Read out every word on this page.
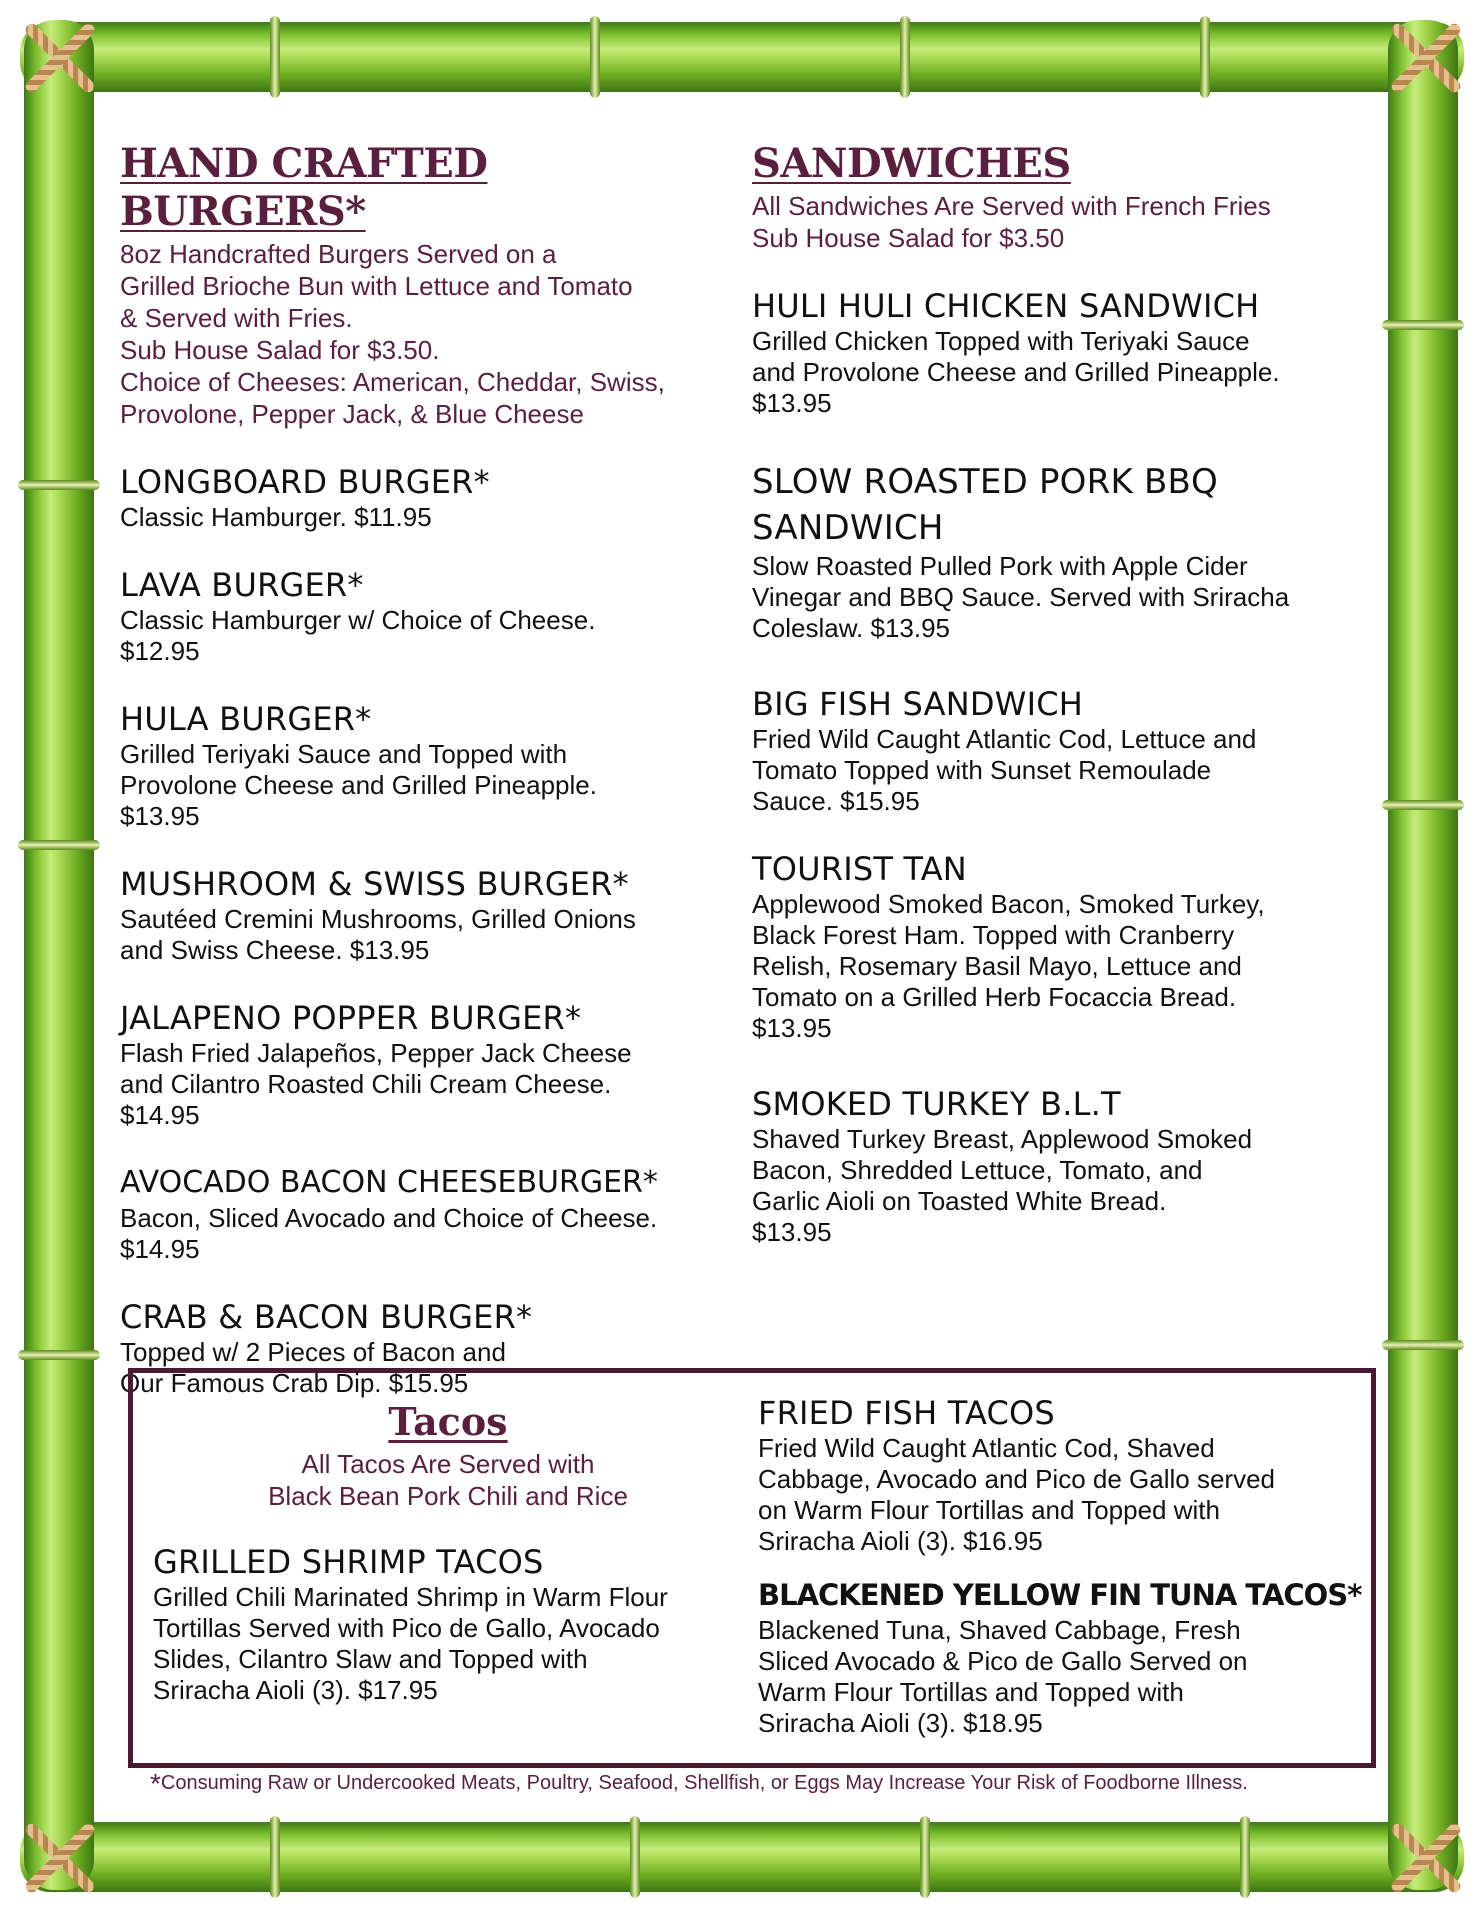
HAND CRAFTED BURGERS*
8oz Handcrafted Burgers Served on a
Grilled Brioche Bun with Lettuce and Tomato
& Served with Fries.
Sub House Salad for $3.50.
Choice of Cheeses: American, Cheddar, Swiss,
Provolone, Pepper Jack, & Blue Cheese

LONGBOARD BURGER*

Classic Hamburger. $11.95

LAVA BURGER*

Classic Hamburger w/ Choice of Cheese.
$12.95

HULA BURGER*

Grilled Teriyaki Sauce and Topped with
Provolone Cheese and Grilled Pineapple.
$13.95

MUSHROOM & SWISS BURGER*

Sautéed Cremini Mushrooms, Grilled Onions
and Swiss Cheese. $13.95

JALAPENO POPPER BURGER*

Flash Fried Jalapeños, Pepper Jack Cheese
and Cilantro Roasted Chili Cream Cheese.
$14.95

AVOCADO BACON CHEESEBURGER*

Bacon, Sliced Avocado and Choice of Cheese.
$14.95

CRAB & BACON BURGER*

Topped w/ 2 Pieces of Bacon and
Our Famous Crab Dip. $15.95

SANDWICHES
All Sandwiches Are Served with French Fries
Sub House Salad for $3.50

HULI HULI CHICKEN SANDWICH

Grilled Chicken Topped with Teriyaki Sauce
and Provolone Cheese and Grilled Pineapple.
$13.95

SLOW ROASTED PORK BBQ
SANDWICH

Slow Roasted Pulled Pork with Apple Cider
Vinegar and BBQ Sauce. Served with Sriracha
Coleslaw. $13.95

BIG FISH SANDWICH

Fried Wild Caught Atlantic Cod, Lettuce and
Tomato Topped with Sunset Remoulade
Sauce. $15.95

TOURIST TAN

Applewood Smoked Bacon, Smoked Turkey,
Black Forest Ham. Topped with Cranberry
Relish, Rosemary Basil Mayo, Lettuce and
Tomato on a Grilled Herb Focaccia Bread.
$13.95

SMOKED TURKEY B.L.T

Shaved Turkey Breast, Applewood Smoked
Bacon, Shredded Lettuce, Tomato, and
Garlic Aioli on Toasted White Bread.
$13.95

Tacos

All Tacos Are Served with
Black Bean Pork Chili and Rice

GRILLED SHRIMP TACOS

Grilled Chili Marinated Shrimp in Warm Flour
Tortillas Served with Pico de Gallo, Avocado
Slides, Cilantro Slaw and Topped with
Sriracha Aioli (3). $17.95

FRIED FISH TACOS

Fried Wild Caught Atlantic Cod, Shaved
Cabbage, Avocado and Pico de Gallo served
on Warm Flour Tortillas and Topped with
Sriracha Aioli (3). $16.95

BLACKENED YELLOW FIN TUNA TACOS*

Blackened Tuna, Shaved Cabbage, Fresh
Sliced Avocado & Pico de Gallo Served on
Warm Flour Tortillas and Topped with
Sriracha Aioli (3). $18.95

*Consuming Raw or Undercooked Meats, Poultry, Seafood, Shellfish, or Eggs May Increase Your Risk of Foodborne Illness.
